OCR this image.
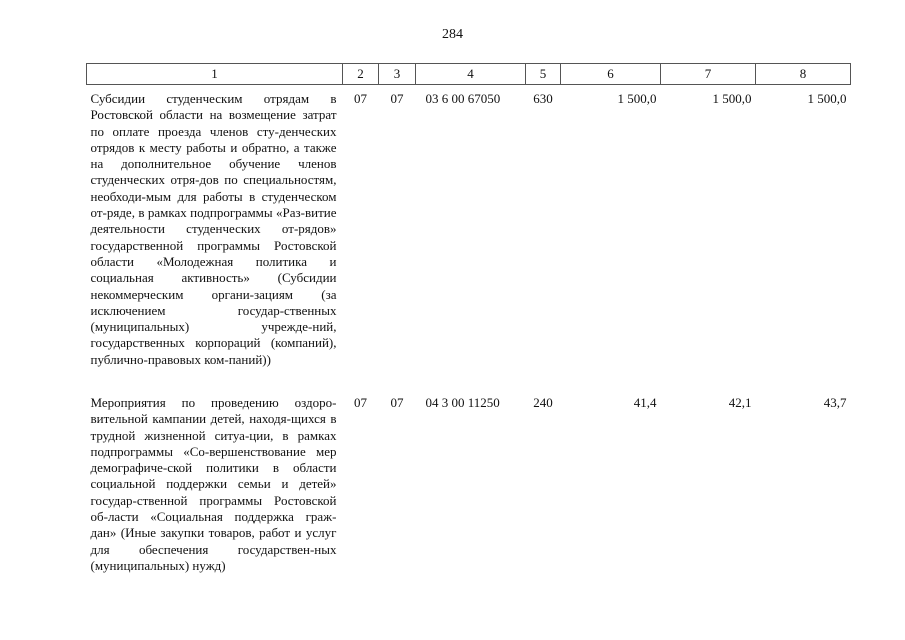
284
1	2	3	4	5	6	7	8
Субсидии студенческим отрядам в Ростовской области на возмещение затрат по оплате проезда членов сту-денческих отрядов к месту работы и обратно, а также на дополнительное обучение членов студенческих отря-дов по специальностям, необходи-мым для работы в студенческом от-ряде, в рамках подпрограммы «Раз-витие деятельности студенческих от-рядов» государственной программы Ростовской области «Молодежная политика и социальная активность» (Субсидии некоммерческим органи-зациям (за исключением государ-ственных (муниципальных) учрежде-ний, государственных корпораций (компаний), публично-правовых ком-паний))	07	07	03 6 00 67050	630	1 500,0	1 500,0	1 500,0
Мероприятия по проведению оздоро-вительной кампании детей, находя-щихся в трудной жизненной ситуа-ции, в рамках подпрограммы «Со-вершенствование мер демографиче-ской политики в области социальной поддержки семьи и детей» государ-ственной программы Ростовской об-ласти «Социальная поддержка граж-дан» (Иные закупки товаров, работ и услуг для обеспечения государствен-ных (муниципальных) нужд)	07	07	04 3 00 11250	240	41,4	42,1	43,7
